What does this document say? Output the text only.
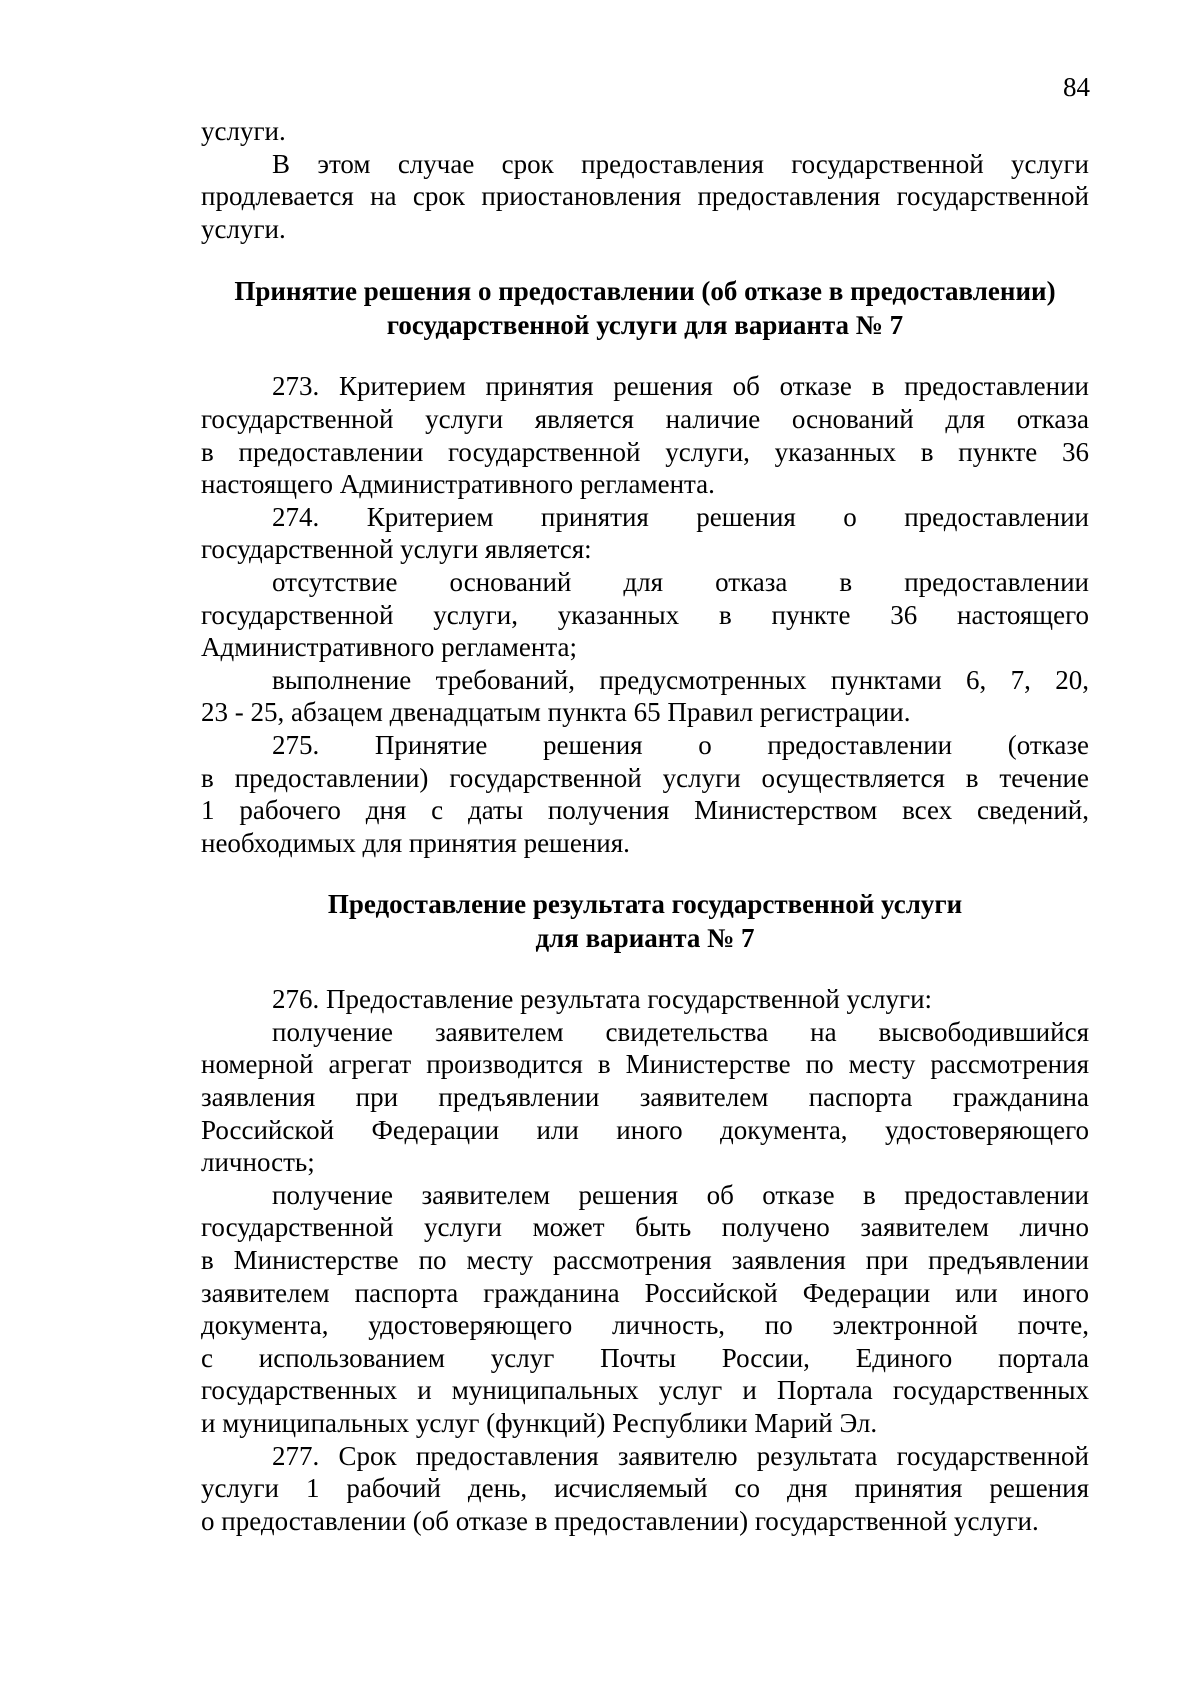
84
услуги.
В этом случае срок предоставления государственной услуги
продлевается на срок приостановления предоставления государственной
услуги.
Принятие решения о предоставлении (об отказе в предоставлении)
государственной услуги для варианта № 7
273. Критерием принятия решения об отказе в предоставлении
государственной услуги является наличие оснований для отказа
в предоставлении государственной услуги, указанных в пункте 36
настоящего Административного регламента.
274. Критерием принятия решения о предоставлении
государственной услуги является:
отсутствие оснований для отказа в предоставлении
государственной услуги, указанных в пункте 36 настоящего
Административного регламента;
выполнение требований, предусмотренных пунктами 6, 7, 20,
23 - 25, абзацем двенадцатым пункта 65 Правил регистрации.
275. Принятие решения о предоставлении (отказе
в предоставлении) государственной услуги осуществляется в течение
1 рабочего дня с даты получения Министерством всех сведений,
необходимых для принятия решения.
Предоставление результата государственной услуги
для варианта № 7
276. Предоставление результата государственной услуги:
получение заявителем свидетельства на высвободившийся
номерной агрегат производится в Министерстве по месту рассмотрения
заявления при предъявлении заявителем паспорта гражданина
Российской Федерации или иного документа, удостоверяющего
личность;
получение заявителем решения об отказе в предоставлении
государственной услуги может быть получено заявителем лично
в Министерстве по месту рассмотрения заявления при предъявлении
заявителем паспорта гражданина Российской Федерации или иного
документа, удостоверяющего личность, по электронной почте,
с использованием услуг Почты России, Единого портала
государственных и муниципальных услуг и Портала государственных
и муниципальных услуг (функций) Республики Марий Эл.
277. Срок предоставления заявителю результата государственной
услуги 1 рабочий день, исчисляемый со дня принятия решения
о предоставлении (об отказе в предоставлении) государственной услуги.
